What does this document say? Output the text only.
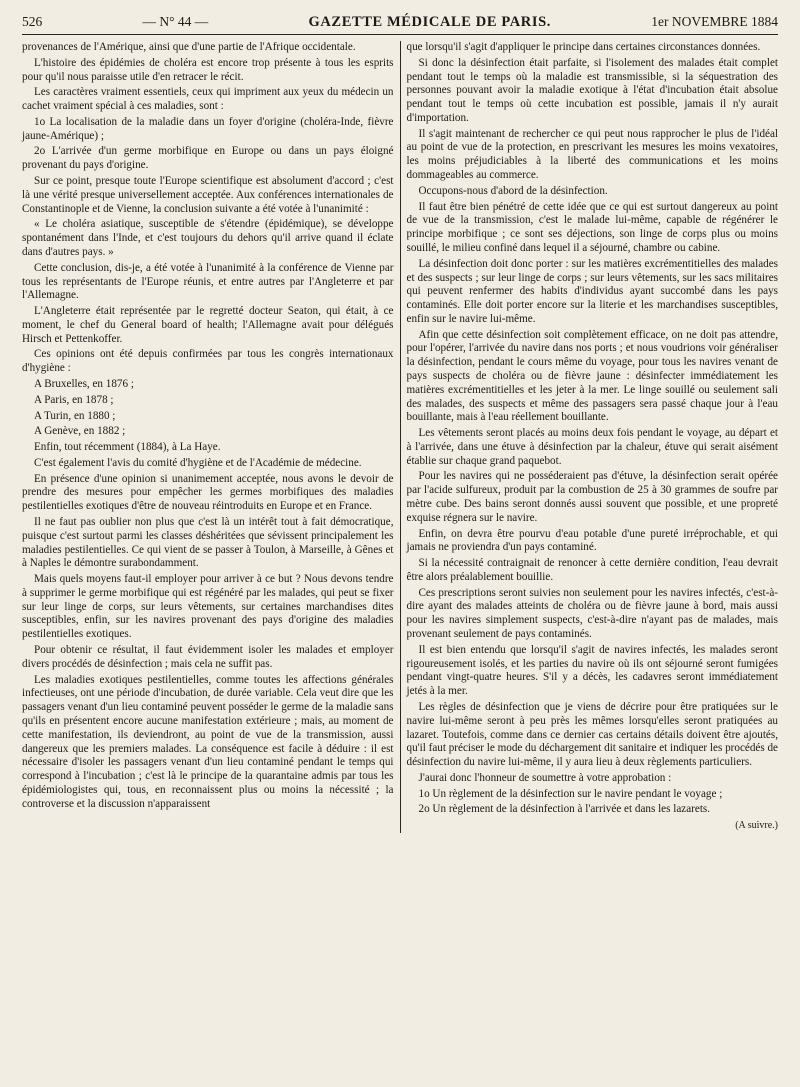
526	— N° 44 —	GAZETTE MÉDICALE DE PARIS.	1er NOVEMBRE 1884

provenances de l'Amérique, ainsi que d'une partie de l'Afrique occidentale.

L'histoire des épidémies de choléra est encore trop présente à tous les esprits pour qu'il nous paraisse utile d'en retracer le récit.

Les caractères vraiment essentiels, ceux qui impriment aux yeux du médecin un cachet vraiment spécial à ces maladies, sont :

1o La localisation de la maladie dans un foyer d'origine (choléra-Inde, fièvre jaune-Amérique) ;

2o L'arrivée d'un germe morbifique en Europe ou dans un pays éloigné provenant du pays d'origine.

Sur ce point, presque toute l'Europe scientifique est absolument d'accord ; c'est là une vérité presque universellement acceptée. Aux conférences internationales de Constantinople et de Vienne, la conclusion suivante a été votée à l'unanimité :

« Le choléra asiatique, susceptible de s'étendre (épidémique), se développe spontanément dans l'Inde, et c'est toujours du dehors qu'il arrive quand il éclate dans d'autres pays. »

Cette conclusion, dis-je, a été votée à l'unanimité à la conférence de Vienne par tous les représentants de l'Europe réunis, et entre autres par l'Angleterre et par l'Allemagne.

L'Angleterre était représentée par le regretté docteur Seaton, qui était, à ce moment, le chef du General board of health; l'Allemagne avait pour délégués Hirsch et Pettenkoffer.

Ces opinions ont été depuis confirmées par tous les congrès internationaux d'hygiène :

A Bruxelles, en 1876 ;

A Paris, en 1878 ;

A Turin, en 1880 ;

A Genève, en 1882 ;

Enfin, tout récemment (1884), à La Haye.

C'est également l'avis du comité d'hygiène et de l'Académie de médecine.

En présence d'une opinion si unanimement acceptée, nous avons le devoir de prendre des mesures pour empêcher les germes morbifiques des maladies pestilentielles exotiques d'être de nouveau réintroduits en Europe et en France.

Il ne faut pas oublier non plus que c'est là un intérêt tout à fait démocratique, puisque c'est surtout parmi les classes déshéritées que sévissent principalement les maladies pestilentielles. Ce qui vient de se passer à Toulon, à Marseille, à Gênes et à Naples le démontre surabondamment.

Mais quels moyens faut-il employer pour arriver à ce but ? Nous devons tendre à supprimer le germe morbifique qui est régénéré par les malades, qui peut se fixer sur leur linge de corps, sur leurs vêtements, sur certaines marchandises dites susceptibles, enfin, sur les navires provenant des pays d'origine des maladies pestilentielles exotiques.

Pour obtenir ce résultat, il faut évidemment isoler les malades et employer divers procédés de désinfection ; mais cela ne suffit pas.

Les maladies exotiques pestilentielles, comme toutes les affections générales infectieuses, ont une période d'incubation, de durée variable. Cela veut dire que les passagers venant d'un lieu contaminé peuvent posséder le germe de la maladie sans qu'ils en présentent encore aucune manifestation extérieure ; mais, au moment de cette manifestation, ils deviendront, au point de vue de la transmission, aussi dangereux que les premiers malades. La conséquence est facile à déduire : il est nécessaire d'isoler les passagers venant d'un lieu contaminé pendant le temps qui correspond à l'incubation ; c'est là le principe de la quarantaine admis par tous les épidémiologistes qui, tous, en reconnaissent plus ou moins la nécessité ; la controverse et la discussion n'apparaissent

que lorsqu'il s'agit d'appliquer le principe dans certaines circonstances données.

Si donc la désinfection était parfaite, si l'isolement des malades était complet pendant tout le temps où la maladie est transmissible, si la séquestration des personnes pouvant avoir la maladie exotique à l'état d'incubation était absolue pendant tout le temps où cette incubation est possible, jamais il n'y aurait d'importation.

Il s'agit maintenant de rechercher ce qui peut nous rapprocher le plus de l'idéal au point de vue de la protection, en prescrivant les mesures les moins vexatoires, les moins préjudiciables à la liberté des communications et les moins dommageables au commerce.

Occupons-nous d'abord de la désinfection.

Il faut être bien pénétré de cette idée que ce qui est surtout dangereux au point de vue de la transmission, c'est le malade lui-même, capable de régénérer le principe morbifique ; ce sont ses déjections, son linge de corps plus ou moins souillé, le milieu confiné dans lequel il a séjourné, chambre ou cabine.

La désinfection doit donc porter : sur les matières excrémentitielles des malades et des suspects ; sur leur linge de corps ; sur leurs vêtements, sur les sacs militaires qui peuvent renfermer des habits d'individus ayant succombé dans les pays contaminés. Elle doit porter encore sur la literie et les marchandises susceptibles, enfin sur le navire lui-même.

Afin que cette désinfection soit complètement efficace, on ne doit pas attendre, pour l'opérer, l'arrivée du navire dans nos ports ; et nous voudrions voir généraliser la désinfection, pendant le cours même du voyage, pour tous les navires venant de pays suspects de choléra ou de fièvre jaune : désinfecter immédiatement les matières excrémentitielles et les jeter à la mer. Le linge souillé ou seulement sali des malades, des suspects et même des passagers sera passé chaque jour à l'eau bouillante, mais à l'eau réellement bouillante.

Les vêtements seront placés au moins deux fois pendant le voyage, au départ et à l'arrivée, dans une étuve à désinfection par la chaleur, étuve qui serait aisément établie sur chaque grand paquebot.

Pour les navires qui ne posséderaient pas d'étuve, la désinfection serait opérée par l'acide sulfureux, produit par la combustion de 25 à 30 grammes de soufre par mètre cube. Des bains seront donnés aussi souvent que possible, et une propreté exquise régnera sur le navire.

Enfin, on devra être pourvu d'eau potable d'une pureté irréprochable, et qui jamais ne proviendra d'un pays contaminé.

Si la nécessité contraignait de renoncer à cette dernière condition, l'eau devrait être alors préalablement bouillie.

Ces prescriptions seront suivies non seulement pour les navires infectés, c'est-à-dire ayant des malades atteints de choléra ou de fièvre jaune à bord, mais aussi pour les navires simplement suspects, c'est-à-dire n'ayant pas de malades, mais provenant seulement de pays contaminés.

Il est bien entendu que lorsqu'il s'agit de navires infectés, les malades seront rigoureusement isolés, et les parties du navire où ils ont séjourné seront fumigées pendant vingt-quatre heures. S'il y a décès, les cadavres seront immédiatement jetés à la mer.

Les règles de désinfection que je viens de décrire pour être pratiquées sur le navire lui-même seront à peu près les mêmes lorsqu'elles seront pratiquées au lazaret. Toutefois, comme dans ce dernier cas certains détails doivent être ajoutés, qu'il faut préciser le mode du déchargement dit sanitaire et indiquer les procédés de désinfection du navire lui-même, il y aura lieu à deux règlements particuliers.

J'aurai donc l'honneur de soumettre à votre approbation :

1o Un règlement de la désinfection sur le navire pendant le voyage ;

2o Un règlement de la désinfection à l'arrivée et dans les lazarets.

(A suivre.)
